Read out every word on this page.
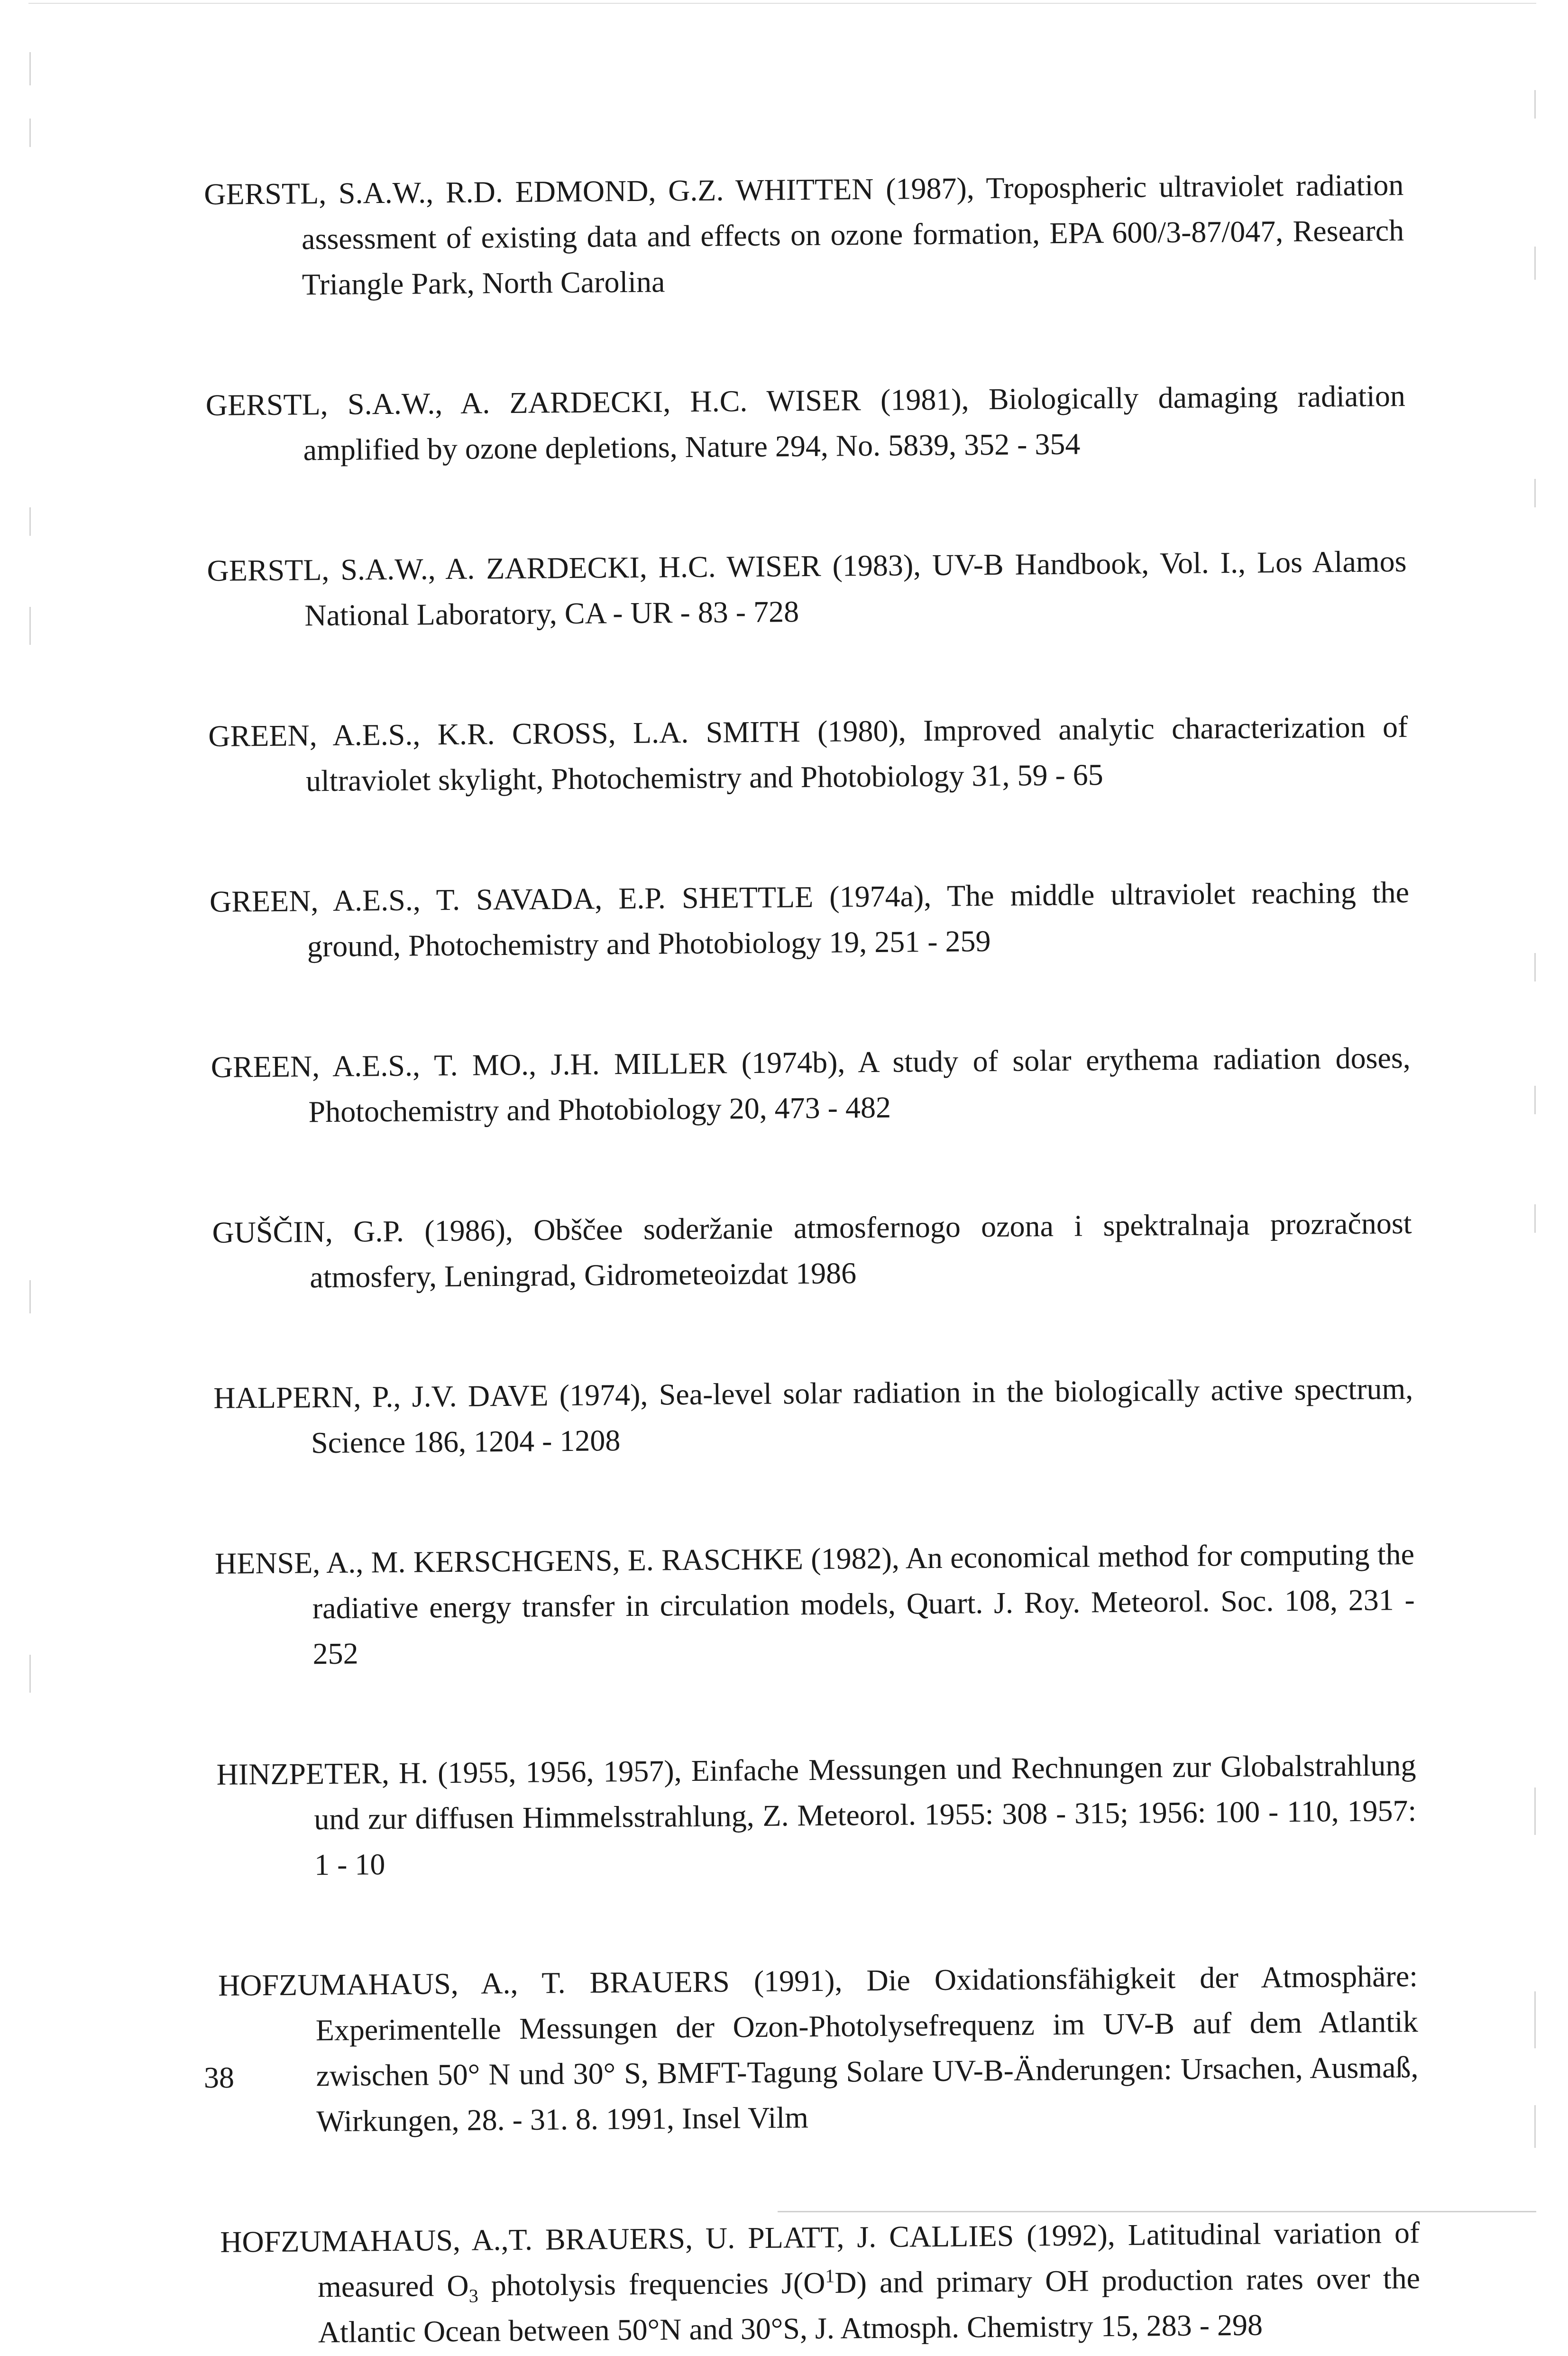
GERSTL, S.A.W., R.D. EDMOND, G.Z. WHITTEN (1987), Tropospheric ultraviolet radiation assessment of existing data and effects on ozone formation, EPA 600/3-87/047, Research Triangle Park, North Carolina

GERSTL, S.A.W., A. ZARDECKI, H.C. WISER (1981), Biologically damaging radiation amplified by ozone depletions, Nature 294, No. 5839, 352 - 354

GERSTL, S.A.W., A. ZARDECKI, H.C. WISER (1983), UV-B Handbook, Vol. I., Los Alamos National Laboratory, CA - UR - 83 - 728

GREEN, A.E.S., K.R. CROSS, L.A. SMITH (1980), Improved analytic characterization of ultraviolet skylight, Photochemistry and Photobiology 31, 59 - 65

GREEN, A.E.S., T. SAVADA, E.P. SHETTLE (1974a), The middle ultraviolet reaching the ground, Photochemistry and Photobiology 19, 251 - 259

GREEN, A.E.S., T. MO., J.H. MILLER (1974b), A study of solar erythema radiation doses, Photochemistry and Photobiology 20, 473 - 482

GUŠČIN, G.P. (1986), Obščee soderžanie atmosfernogo ozona i spektralnaja prozračnost atmosfery, Leningrad, Gidrometeoizdat 1986

HALPERN, P., J.V. DAVE (1974), Sea-level solar radiation in the biologically active spectrum, Science 186, 1204 - 1208

HENSE, A., M. KERSCHGENS, E. RASCHKE (1982), An economical method for computing the radiative energy transfer in circulation models, Quart. J. Roy. Meteorol. Soc. 108, 231 - 252

HINZPETER, H. (1955, 1956, 1957), Einfache Messungen und Rechnungen zur Globalstrahlung und zur diffusen Himmelsstrahlung, Z. Meteorol. 1955: 308 - 315; 1956: 100 - 110, 1957: 1 - 10

HOFZUMAHAUS, A., T. BRAUERS (1991), Die Oxidationsfähigkeit der Atmosphäre: Experimentelle Messungen der Ozon-Photolysefrequenz im UV-B auf dem Atlantik zwischen 50° N und 30° S, BMFT-Tagung Solare UV-B-Änderungen: Ursachen, Ausmaß, Wirkungen, 28. - 31. 8. 1991, Insel Vilm

HOFZUMAHAUS, A.,T. BRAUERS, U. PLATT, J. CALLIES (1992), Latitudinal variation of measured $O_3$ photolysis frequencies $J(O^1D)$ and primary OH production rates over the Atlantic Ocean between 50°N and 30°S, J. Atmosph. Chemistry 15, 283 - 298

38
